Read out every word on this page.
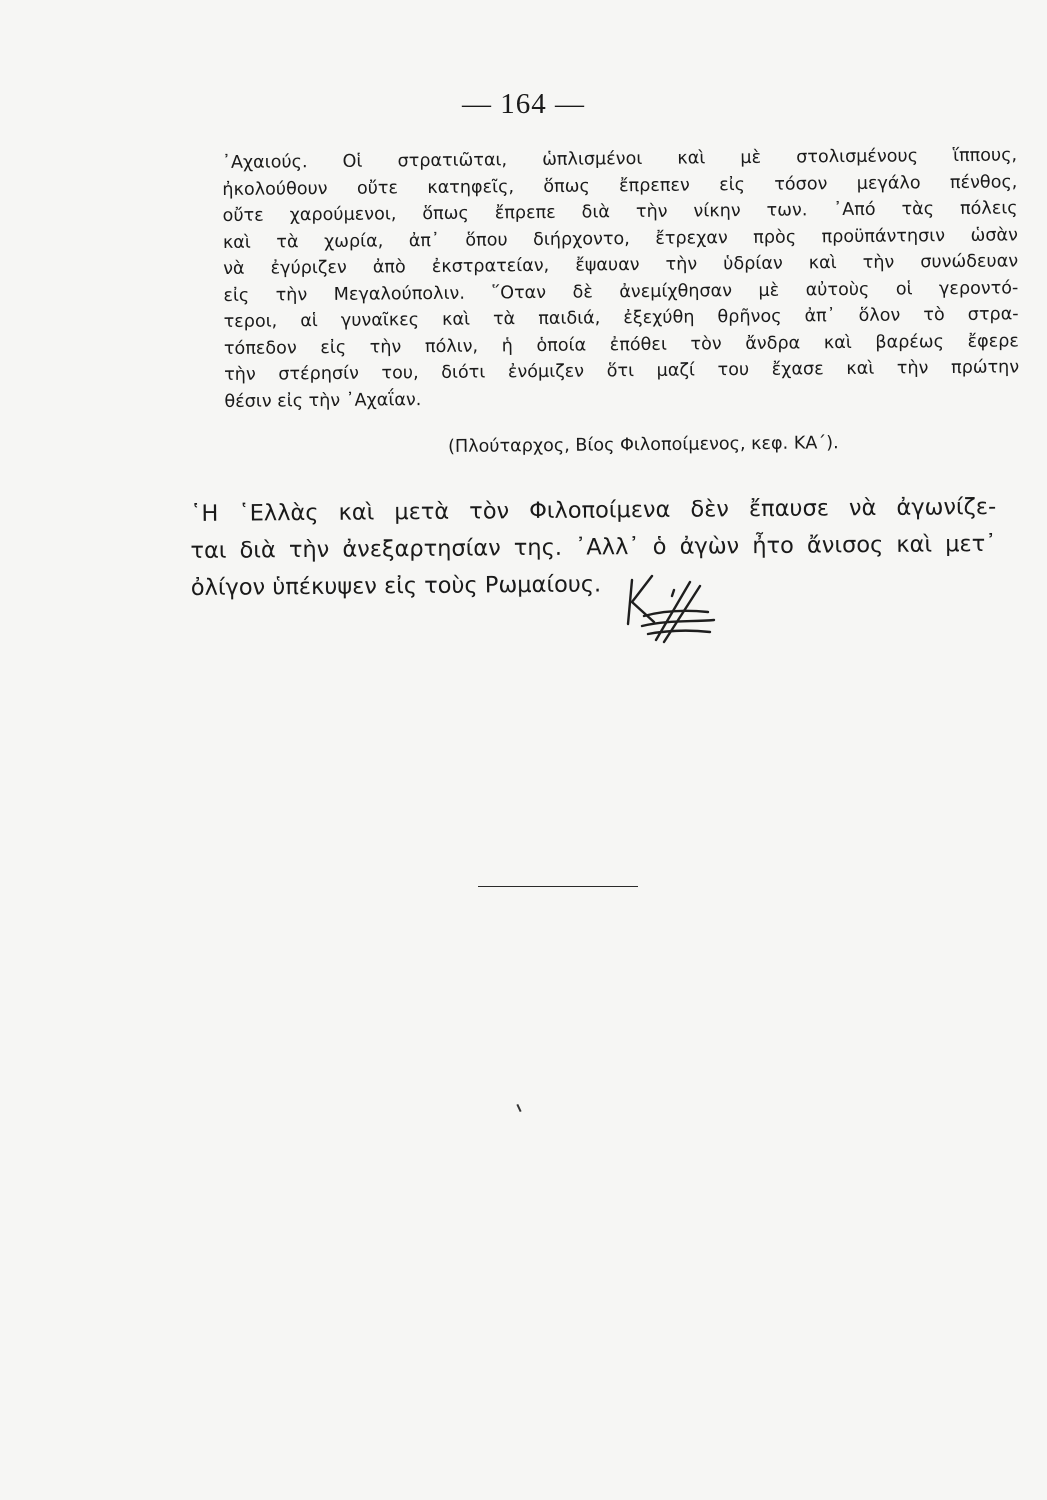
— 164 —
᾿Αχαιούς. Οἱ στρατιῶται, ὡπλισμένοι καὶ μὲ στολισμένους ἵππους,
ἠκολούθουν οὔτε κατηφεῖς, ὅπως ἔπρεπεν εἰς τόσον μεγάλο πένθος,
οὔτε χαρούμενοι, ὅπως ἔπρεπε διὰ τὴν νίκην των. ᾿Από τὰς πόλεις
καὶ τὰ χωρία, ἀπ᾿ ὅπου διήρχοντο, ἔτρεχαν πρὸς προϋπάντησιν ὡσὰν
νὰ ἐγύριζεν ἀπὸ ἐκστρατείαν, ἔψαυαν τὴν ὑδρίαν καὶ τὴν συνώδευαν
εἰς τὴν Μεγαλούπολιν. ῞Οταν δὲ ἀνεμίχθησαν μὲ αὐτοὺς οἱ γεροντό-
τεροι, αἱ γυναῖκες καὶ τὰ παιδιά, ἐξεχύθη θρῆνος ἀπ᾿ ὅλον τὸ στρα-
τόπεδον εἰς τὴν πόλιν, ἡ ὁποία ἐπόθει τὸν ἄνδρα καὶ βαρέως ἔφερε
τὴν στέρησίν του, διότι ἐνόμιζεν ὅτι μαζί του ἔχασε καὶ τὴν πρώτην
θέσιν εἰς τὴν ᾿Αχαΐαν.
(Πλούταρχος, Βίος Φιλοποίμενος, κεφ. ΚΑ΄).
῾Η ῾Ελλὰς καὶ μετὰ τὸν Φιλοποίμενα δὲν ἔπαυσε νὰ ἀγωνίζε-
ται διὰ τὴν ἀνεξαρτησίαν της. ᾿Αλλ᾿ ὁ ἀγὼν ἦτο ἄνισος καὶ μετ᾿
ὀλίγον ὑπέκυψεν εἰς τοὺς Ρωμαίους.
